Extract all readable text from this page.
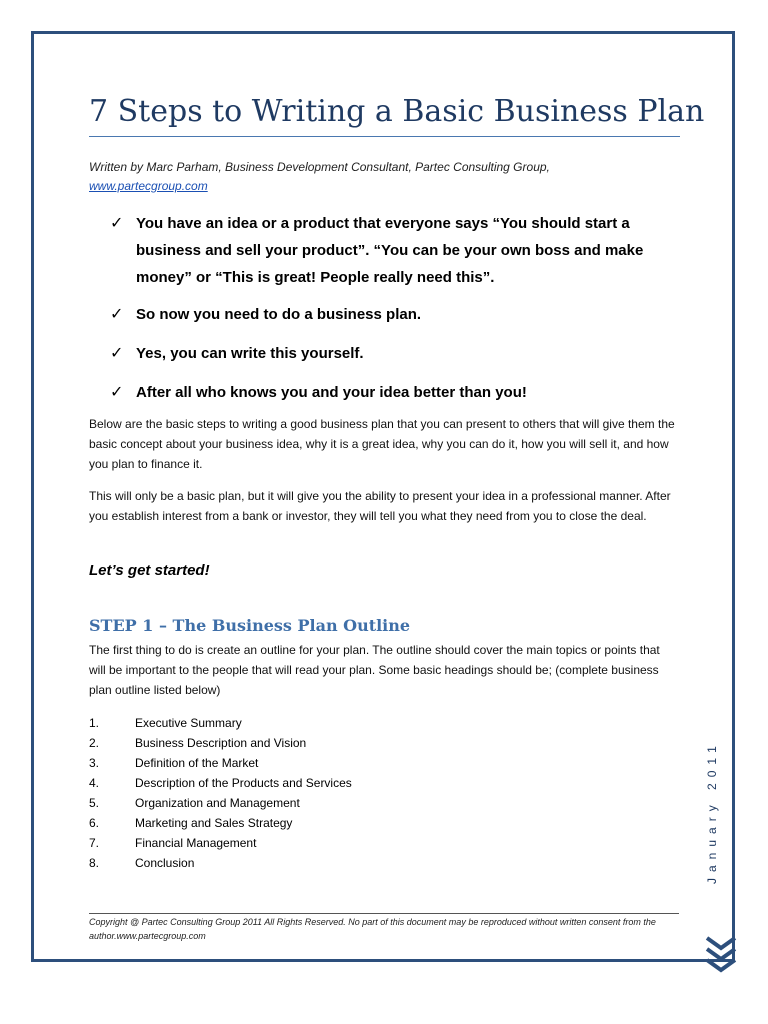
7 Steps to Writing a Basic Business Plan
Written by Marc Parham, Business Development Consultant, Partec Consulting Group,
www.partecgroup.com
✓ You have an idea or a product that everyone says “You should start a business and sell your product”. “You can be your own boss and make money” or “This is great! People really need this”.
✓ So now you need to do a business plan.
✓ Yes, you can write this yourself.
✓ After all who knows you and your idea better than you!

Below are the basic steps to writing a good business plan that you can present to others that will give them the basic concept about your business idea, why it is a great idea, why you can do it, how you will sell it, and how you plan to finance it.

This will only be a basic plan, but it will give you the ability to present your idea in a professional manner. After you establish interest from a bank or investor, they will tell you what they need from you to close the deal.

Let’s get started!
STEP 1 – The Business Plan Outline

The first thing to do is create an outline for your plan. The outline should cover the main topics or points that will be important to the people that will read your plan. Some basic headings should be; (complete business plan outline listed below)

1.	Executive Summary
2.	Business Description and Vision
3.	Definition of the Market
4.	Description of the Products and Services
5.	Organization and Management
6.	Marketing and Sales Strategy
7.	Financial Management
8.	Conclusion	January 2011
Copyright @ Partec Consulting Group 2011 All Rights Reserved. No part of this document may be reproduced without written consent from the author.www.partecgroup.com
